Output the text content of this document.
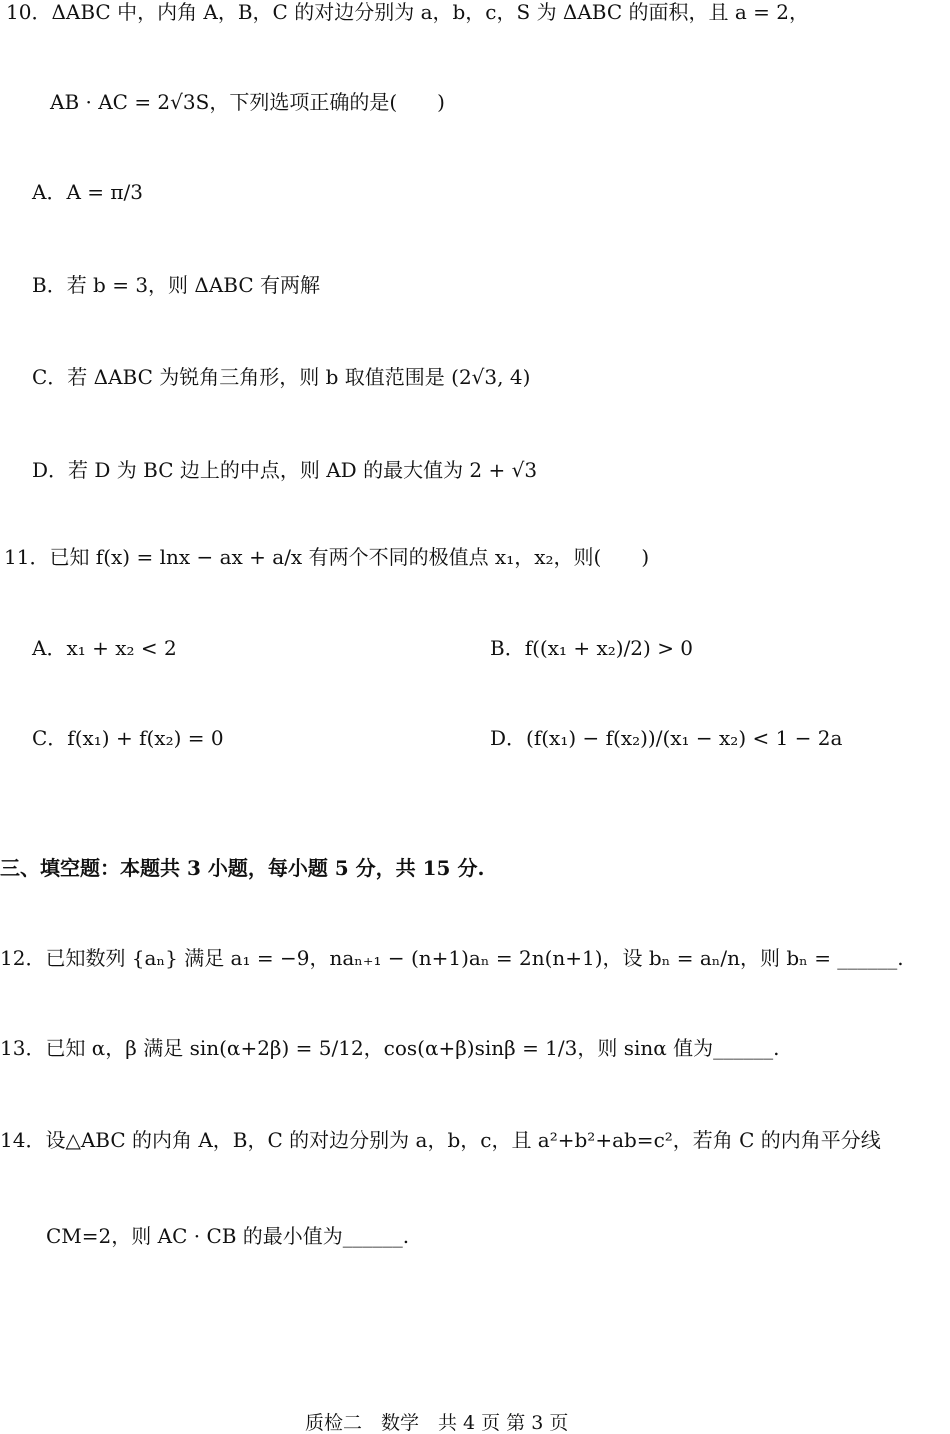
10．ΔABC 中，内角 A，B，C 的对边分别为 a，b，c，S 为 ΔABC 的面积，且 a = 2，
AB · AC = 2√3S，下列选项正确的是(　　)
A．A = π/3
B．若 b = 3，则 ΔABC 有两解
C．若 ΔABC 为锐角三角形，则 b 取值范围是 (2√3, 4)
D．若 D 为 BC 边上的中点，则 AD 的最大值为 2 + √3
11．已知 f(x) = lnx − ax + a/x 有两个不同的极值点 x₁，x₂，则(　　)
A．x₁ + x₂ < 2	B．f((x₁ + x₂)/2) > 0
C．f(x₁) + f(x₂) = 0	D．(f(x₁) − f(x₂))/(x₁ − x₂) < 1 − 2a
三、填空题：本题共 3 小题，每小题 5 分，共 15 分.
12．已知数列 {aₙ} 满足 a₁ = −9，naₙ₊₁ − (n+1)aₙ = 2n(n+1)，设 bₙ = aₙ/n，则 bₙ = ______.
13．已知 α，β 满足 sin(α+2β) = 5/12，cos(α+β)sinβ = 1/3，则 sinα 值为______.
14．设△ABC 的内角 A，B，C 的对边分别为 a，b，c，且 a²+b²+ab=c²，若角 C 的内角平分线
CM=2，则 AC · CB 的最小值为______.
质检二　数学　共 4 页 第 3 页
